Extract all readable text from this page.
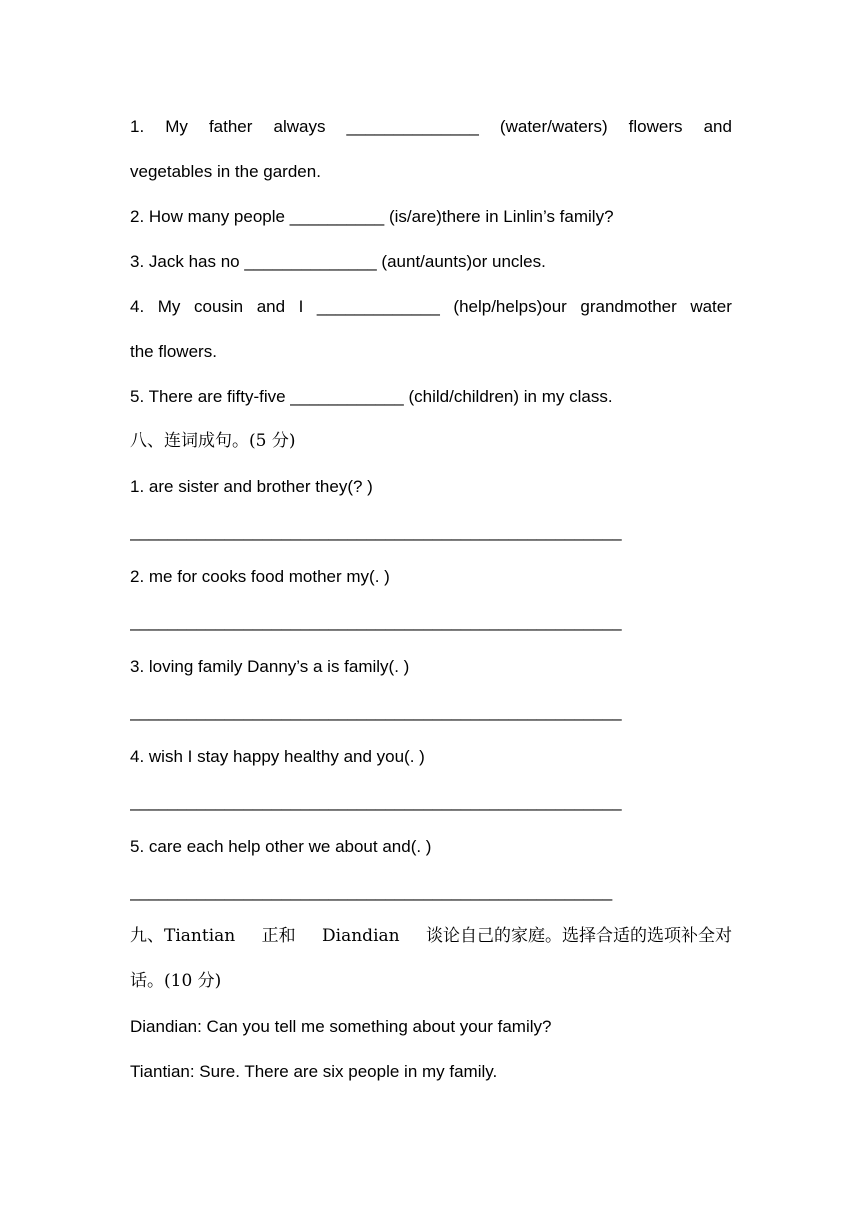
1. My father always ______________ (water/waters) flowers and
vegetables in the garden.
2. How many people __________ (is/are)there in Linlin’s family?
3. Jack has no ______________ (aunt/aunts)or uncles.
4. My cousin and I _____________ (help/helps)our grandmother water
the flowers.
5. There are fifty-five ____________ (child/children) in my class.
八、连词成句。(5 分)
1. are sister and brother they(? )
____________________________________________________
2. me for cooks food mother my(. )
____________________________________________________
3. loving family Danny’s a is family(. )
____________________________________________________
4. wish I stay happy healthy and you(. )
____________________________________________________
5. care each help other we about and(. )
___________________________________________________
九、Tiantian 正和 Diandian 谈论自己的家庭。选择合适的选项补全对
话。(10 分)
Diandian: Can you tell me something about your family?
Tiantian: Sure. There are six people in my family.
